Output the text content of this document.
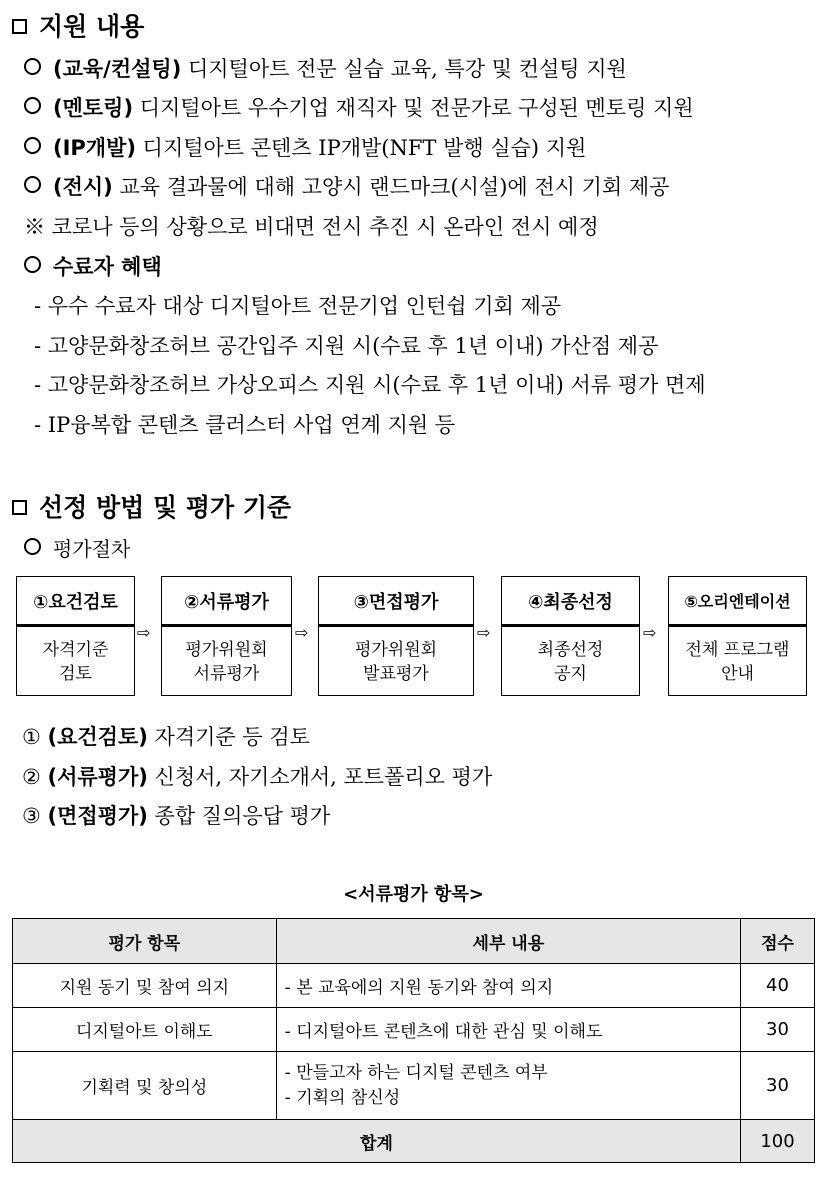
지원 내용
(교육/컨설팅) 디지털아트 전문 실습 교육, 특강 및 컨설팅 지원
(멘토링) 디지털아트 우수기업 재직자 및 전문가로 구성된 멘토링 지원
(IP개발) 디지털아트 콘텐츠 IP개발(NFT 발행 실습) 지원
(전시) 교육 결과물에 대해 고양시 랜드마크(시설)에 전시 기회 제공
※ 코로나 등의 상황으로 비대면 전시 추진 시 온라인 전시 예정
수료자 혜택
- 우수 수료자 대상 디지털아트 전문기업 인턴쉽 기회 제공
- 고양문화창조허브 공간입주 지원 시(수료 후 1년 이내) 가산점 제공
- 고양문화창조허브 가상오피스 지원 시(수료 후 1년 이내) 서류 평가 면제
- IP융복합 콘텐츠 클러스터 사업 연계 지원 등
선정 방법 및 평가 기준
평가절차
①요건검토
자격기준
검토
⇨
②서류평가
평가위원회
서류평가
⇨
③면접평가
평가위원회
발표평가
⇨
④최종선정
최종선정
공지
⇨
⑤오리엔테이션
전체 프로그램
안내
① (요건검토) 자격기준 등 검토
② (서류평가) 신청서, 자기소개서, 포트폴리오 평가
③ (면접평가) 종합 질의응답 평가
<서류평가 항목>
평가 항목	세부 내용	점수
지원 동기 및 참여 의지	- 본 교육에의 지원 동기와 참여 의지	40
디지털아트 이해도	- 디지털아트 콘텐츠에 대한 관심 및 이해도	30
기획력 및 창의성	- 만들고자 하는 디지털 콘텐츠 여부
- 기획의 참신성	30
합계		100
